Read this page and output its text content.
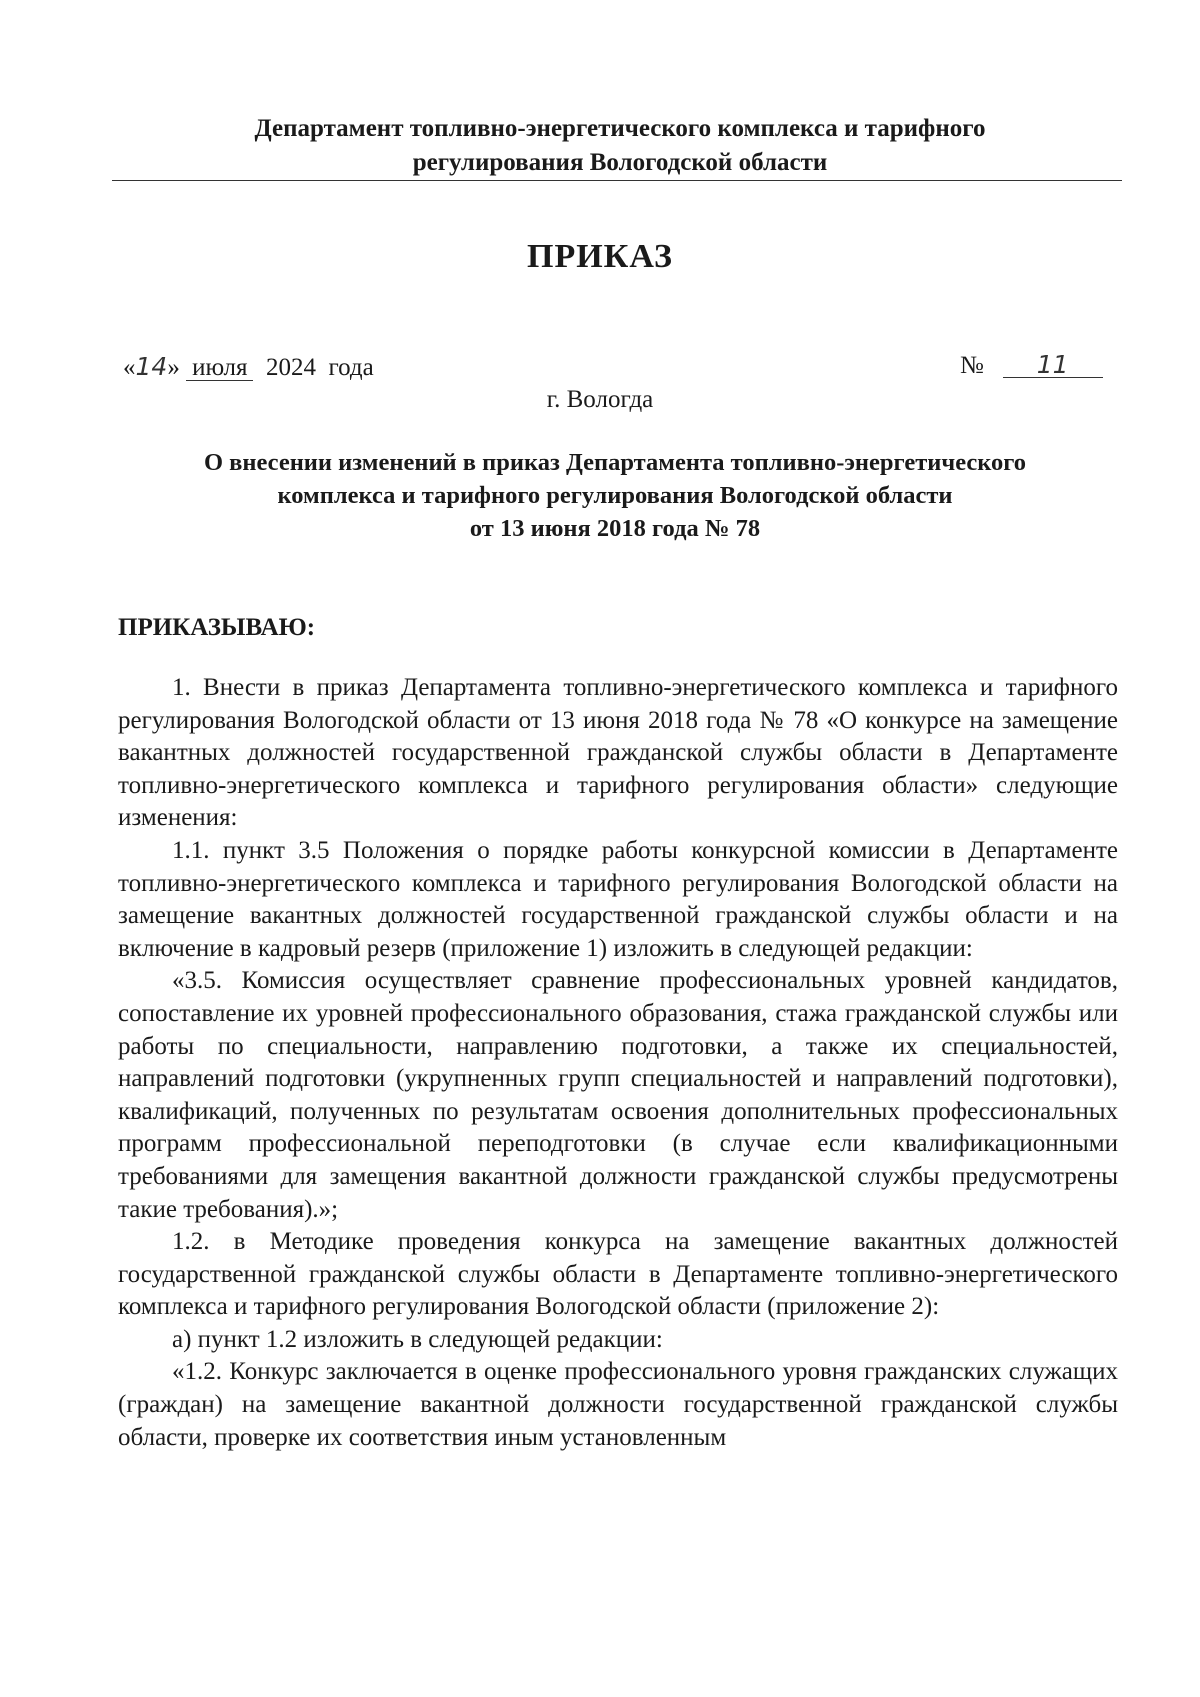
Департамент топливно-энергетического комплекса и тарифного
регулирования Вологодской области
ПРИКАЗ
«14» июля 2024 года	№ 11
г. Вологда
О внесении изменений в приказ Департамента топливно-энергетического
комплекса и тарифного регулирования Вологодской области
от 13 июня 2018 года № 78
ПРИКАЗЫВАЮ:

1. Внести в приказ Департамента топливно-энергетического комплекса и тарифного регулирования Вологодской области от 13 июня 2018 года № 78 «О конкурсе на замещение вакантных должностей государственной гражданской службы области в Департаменте топливно-энергетического комплекса и тарифного регулирования области» следующие изменения:

1.1. пункт 3.5 Положения о порядке работы конкурсной комиссии в Департаменте топливно-энергетического комплекса и тарифного регулирования Вологодской области на замещение вакантных должностей государственной гражданской службы области и на включение в кадровый резерв (приложение 1) изложить в следующей редакции:

«3.5. Комиссия осуществляет сравнение профессиональных уровней кандидатов, сопоставление их уровней профессионального образования, стажа гражданской службы или работы по специальности, направлению подготовки, а также их специальностей, направлений подготовки (укрупненных групп специальностей и направлений подготовки), квалификаций, полученных по результатам освоения дополнительных профессиональных программ профессиональной переподготовки (в случае если квалификационными требованиями для замещения вакантной должности гражданской службы предусмотрены такие требования).»;

1.2. в Методике проведения конкурса на замещение вакантных должностей государственной гражданской службы области в Департаменте топливно-энергетического комплекса и тарифного регулирования Вологодской области (приложение 2):

а) пункт 1.2 изложить в следующей редакции:

«1.2. Конкурс заключается в оценке профессионального уровня гражданских служащих (граждан) на замещение вакантной должности государственной гражданской службы области, проверке их соответствия иным установленным
